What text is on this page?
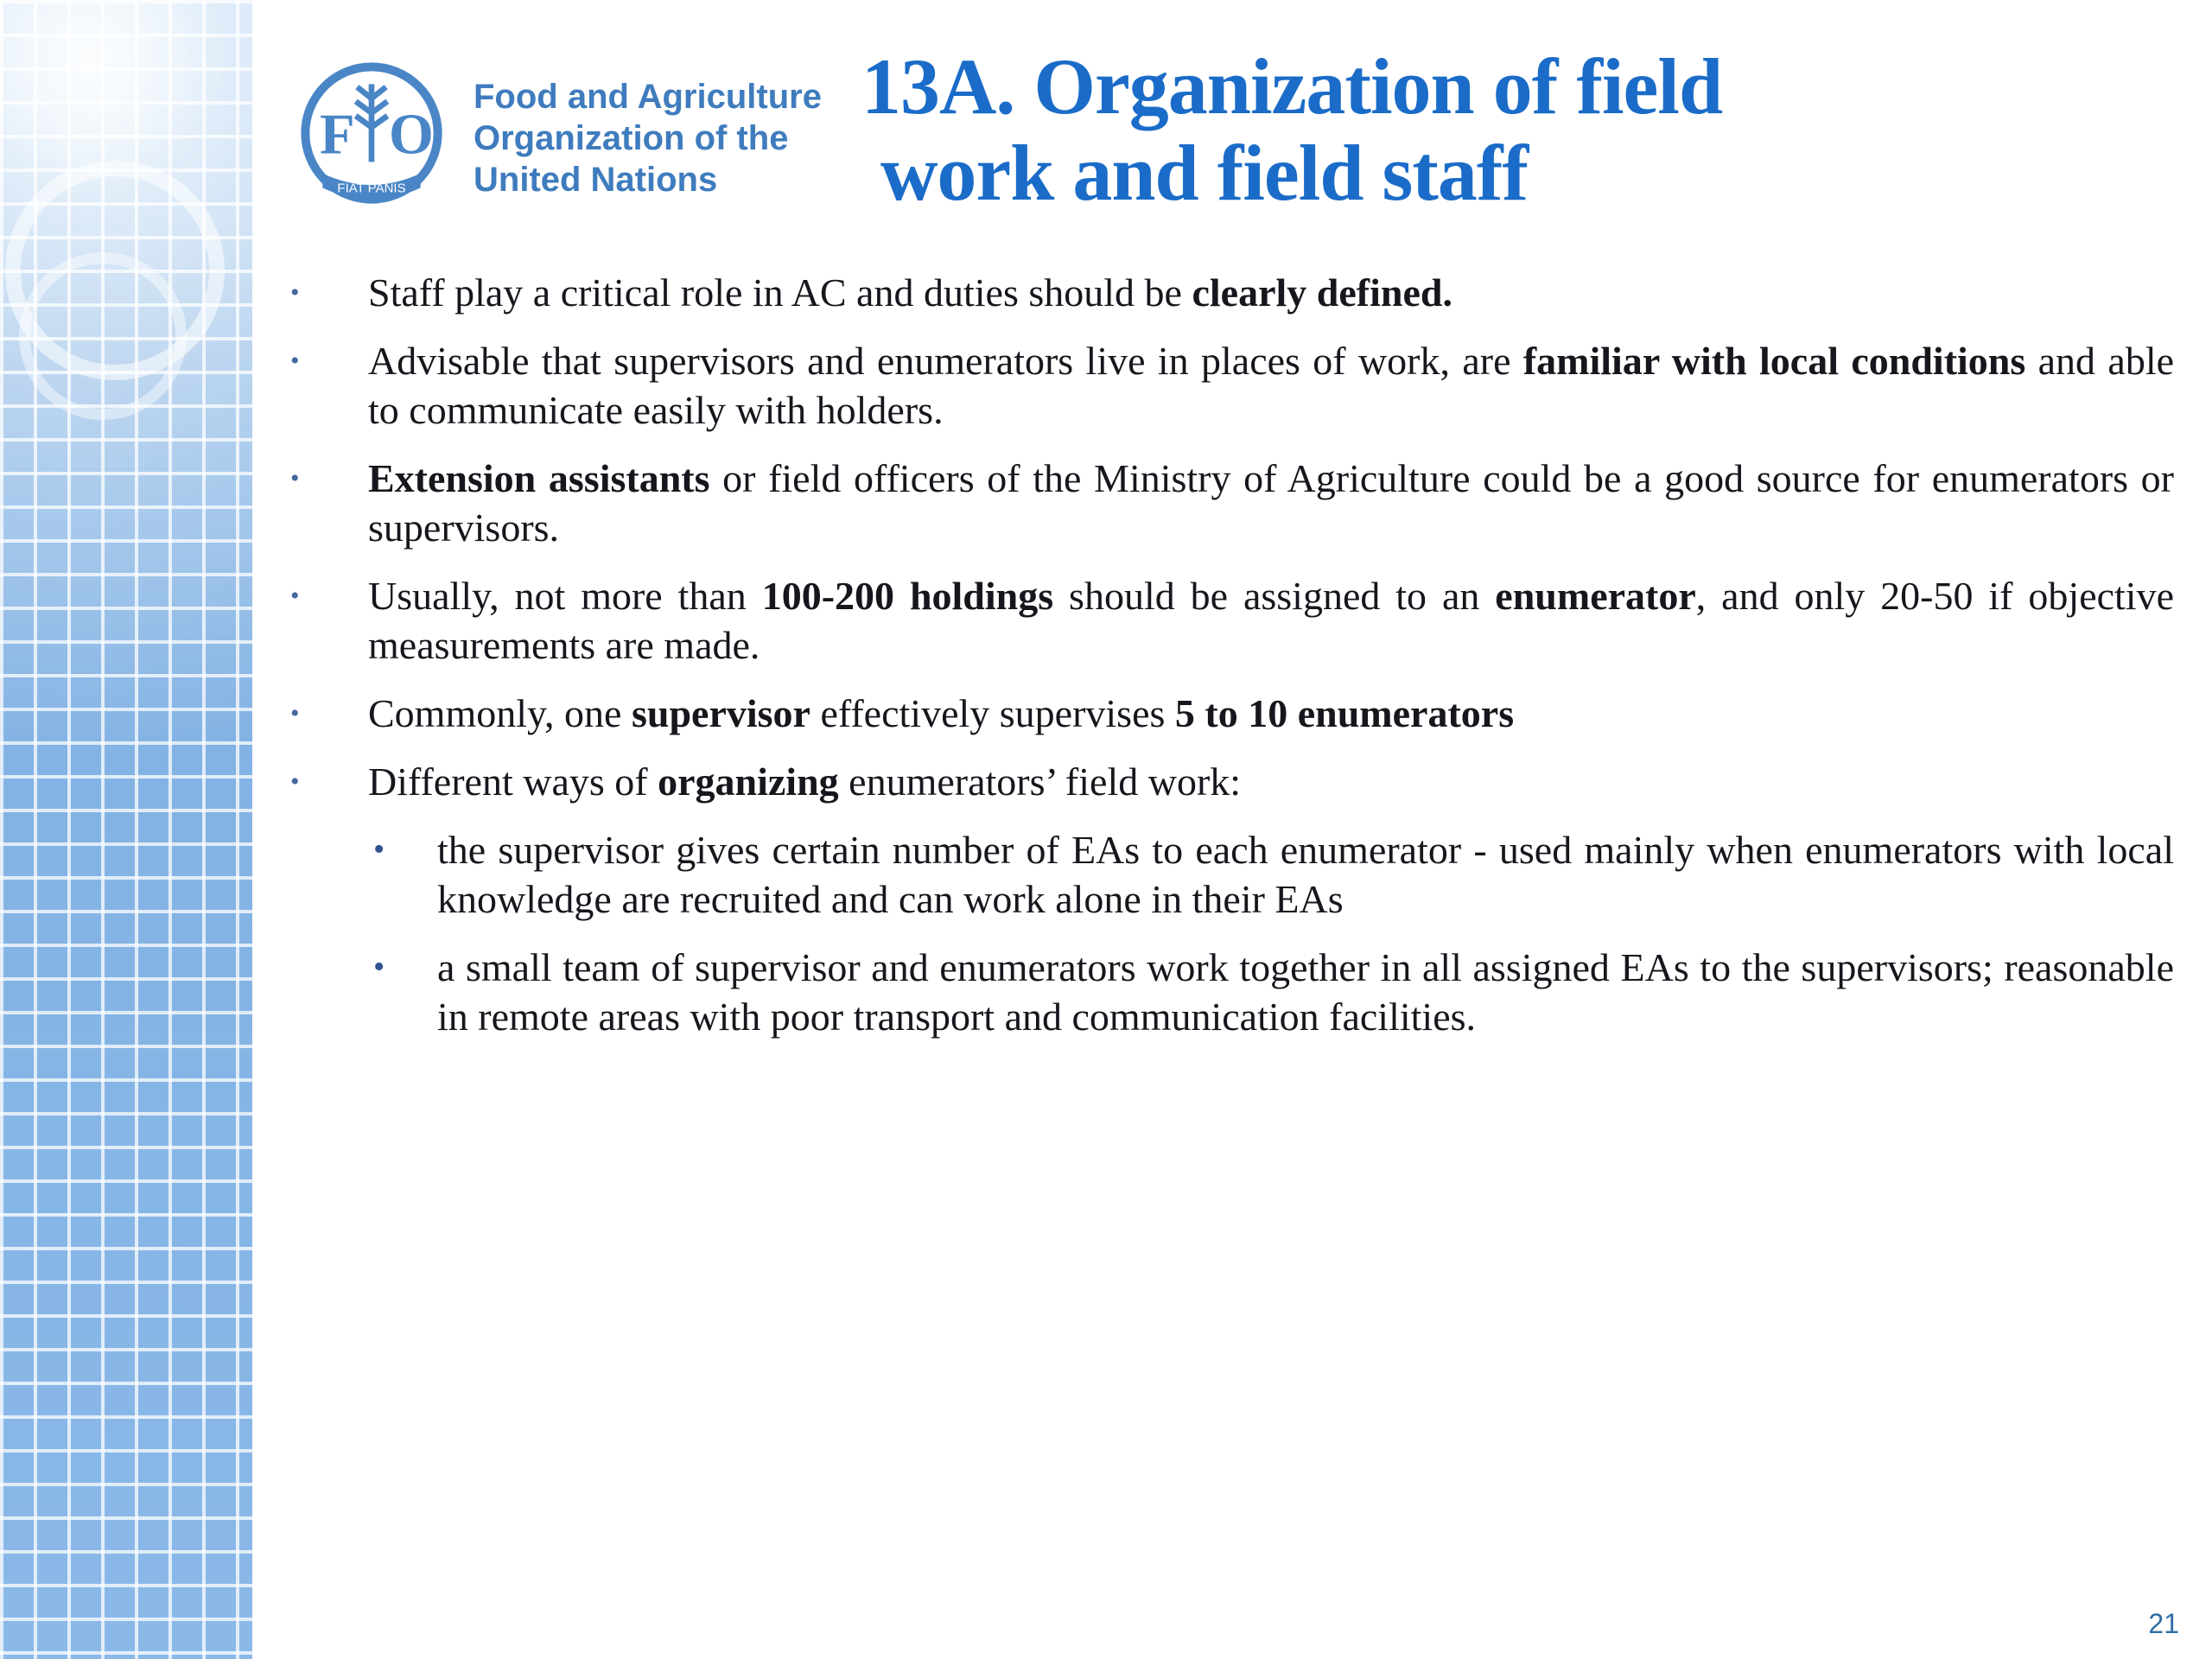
F O
FIAT PANIS
Food and Agriculture
Organization of the
United Nations
13A. Organization of field
work and field staff
•	Staff play a critical role in AC and duties should be clearly defined.
•	Advisable that supervisors and enumerators live in places of work, are familiar with local conditions and able to communicate easily with holders.
•	Extension assistants or field officers of the Ministry of Agriculture could be a good source for enumerators or supervisors.
•	Usually, not more than 100-200 holdings should be assigned to an enumerator, and only 20-50 if objective measurements are made.
•	Commonly, one supervisor effectively supervises 5 to 10 enumerators
•	Different ways of organizing enumerators’ field work:
•	the supervisor gives certain number of EAs to each enumerator - used mainly when enumerators with local knowledge are recruited and can work alone in their EAs
•	a small team of supervisor and enumerators work together in all assigned EAs to the supervisors; reasonable in remote areas with poor transport and communication facilities.
21
